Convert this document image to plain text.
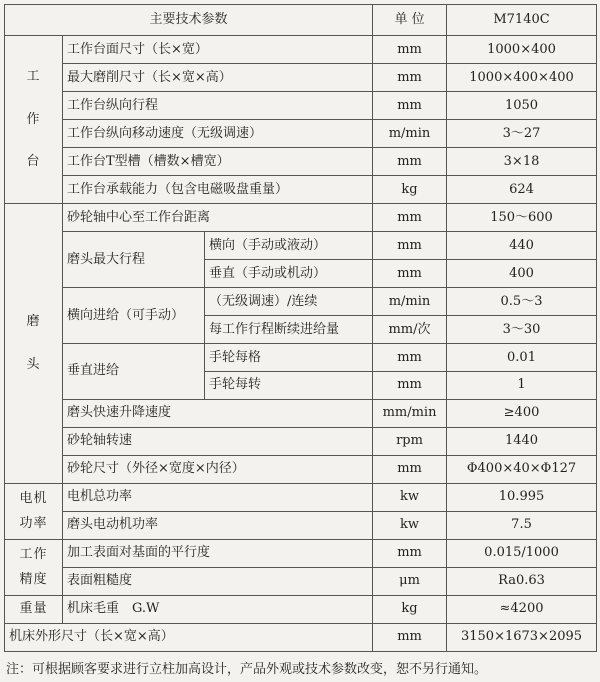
主要技术参数			单 位	M7140C

工
作
台	工作台面尺寸（长×宽）		mm	1000×400
	最大磨削尺寸（长×宽×高）		mm	1000×400×400
	工作台纵向行程		mm	1050
	工作台纵向移动速度（无级调速）		m/min	3～27
	工作台T型槽（槽数×槽宽）		mm	3×18
	工作台承载能力（包含电磁吸盘重量）		kg	624

磨
头	砂轮轴中心至工作台距离		mm	150～600
	磨头最大行程	横向（手动或液动）	mm	440
		垂直（手动或机动）	mm	400
	横向进给（可手动）	（无级调速）/连续	m/min	0.5～3
		每工作行程断续进给量	mm/次	3～30
	垂直进给	手轮每格	mm	0.01
		手轮每转	mm	1
	磨头快速升降速度		mm/min	≥400
	砂轮轴转速		rpm	1440
	砂轮尺寸（外径×宽度×内径）		mm	Φ400×40×Φ127

电机
功率	电机总功率		kw	10.995
	磨头电动机功率		kw	7.5

工作
精度	加工表面对基面的平行度		mm	0.015/1000
	表面粗糙度		μm	Ra0.63
重量	机床毛重　G.W		kg	≈4200
机床外形尺寸（长×宽×高）			mm	3150×1673×2095
注：可根据顾客要求进行立柱加高设计，产品外观或技术参数改变，恕不另行通知。
